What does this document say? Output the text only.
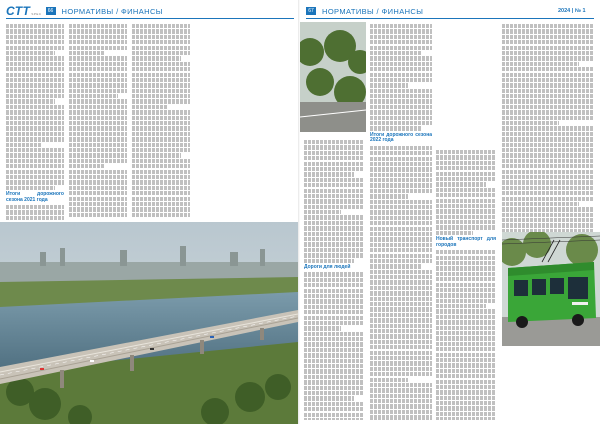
СТТSPEC	66 НОРМАТИВЫ / ФИНАНСЫ
Итоги дорожного сезона 2021 года
67 НОРМАТИВЫ / ФИНАНСЫ	2024 | № 1
Дороги для людей
Итоги дорожного сезона 2022 года
Новый транспорт для городов
